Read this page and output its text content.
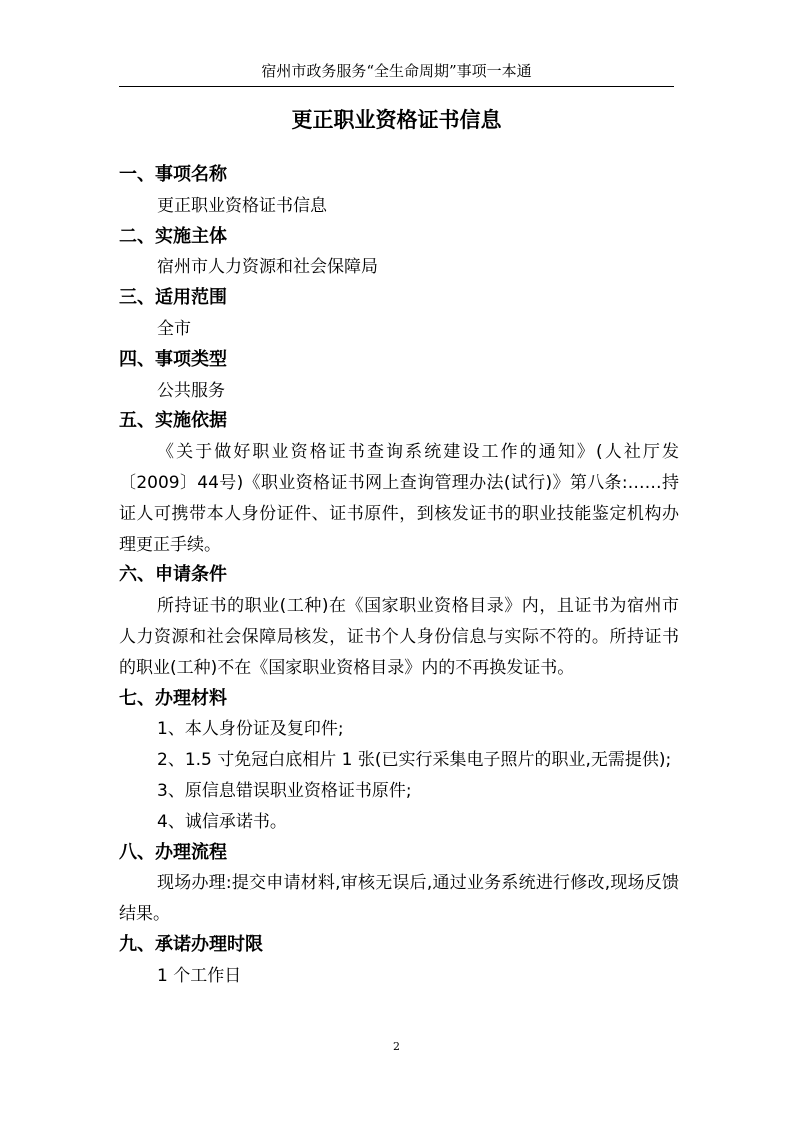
宿州市政务服务“全生命周期”事项一本通
更正职业资格证书信息
一、事项名称
更正职业资格证书信息
二、实施主体
宿州市人力资源和社会保障局
三、适用范围
全市
四、事项类型
公共服务
五、实施依据
《关于做好职业资格证书查询系统建设工作的通知》(人社厅发〔2009〕44号)《职业资格证书网上查询管理办法(试行)》第八条:……持证人可携带本人身份证件、证书原件，到核发证书的职业技能鉴定机构办理更正手续。
六、申请条件
所持证书的职业(工种)在《国家职业资格目录》内，且证书为宿州市人力资源和社会保障局核发，证书个人身份信息与实际不符的。所持证书的职业(工种)不在《国家职业资格目录》内的不再换发证书。
七、办理材料
1、本人身份证及复印件;
2、1.5 寸免冠白底相片 1 张(已实行采集电子照片的职业,无需提供);
3、原信息错误职业资格证书原件;
4、诚信承诺书。
八、办理流程
现场办理:提交申请材料,审核无误后,通过业务系统进行修改,现场反馈结果。
九、承诺办理时限
1 个工作日
2
